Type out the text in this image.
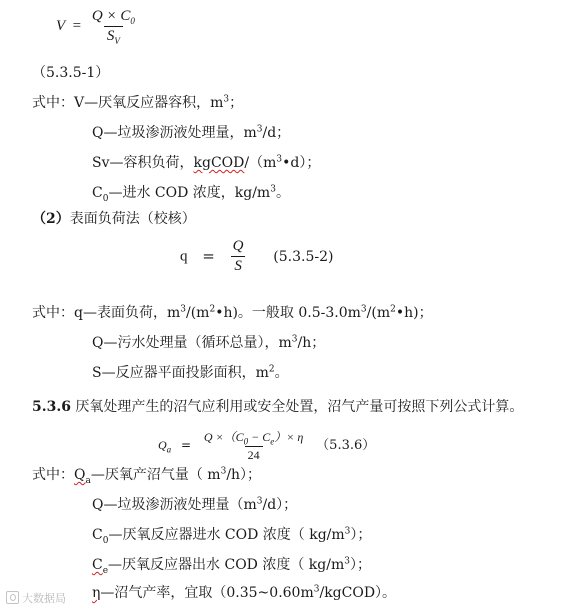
$V = \frac{Q \times C_0}{S_V}$
（5.3.5-1）
式中：V—厌氧反应器容积，$m^3$；
Q—垃圾渗沥液处理量，$m^3/d$；
Sv—容积负荷，kgCOD/$(m^3•d)$；
$C_0—$进水 COD 浓度，$kg/m^3$。
（2）表面负荷法（校核）
$q = \frac{Q}{S} (5.3.5-2)$
式中：q—表面负荷，$m^3/(m^2•h)$。一般取 $0.5-3.0m^3/(m^2•h)$；
Q—污水处理量（循环总量），$m^3/h$；
S—反应器平面投影面积，$m^2$。
5.3.6 厌氧处理产生的沼气应利用或安全处置，沼气产量可按照下列公式计算。
$Q_a = \frac{Q \times(C_0 - C_e)\times \eta}{24} (5.3.6)$
式中：$Q_a—$厌氧产沼气量（ $m^3/h$）；
Q—垃圾渗沥液处理量$(m^3/d)$；
$C_0—$厌氧反应器进水 COD 浓度（ $kg/m^3$）；
$C_e—$厌氧反应器出水 COD 浓度（ $kg/m^3$）；
η—沼气产率，宜取$(0.35\sim 0.60m^3/kgCOD)$。
大数据局
